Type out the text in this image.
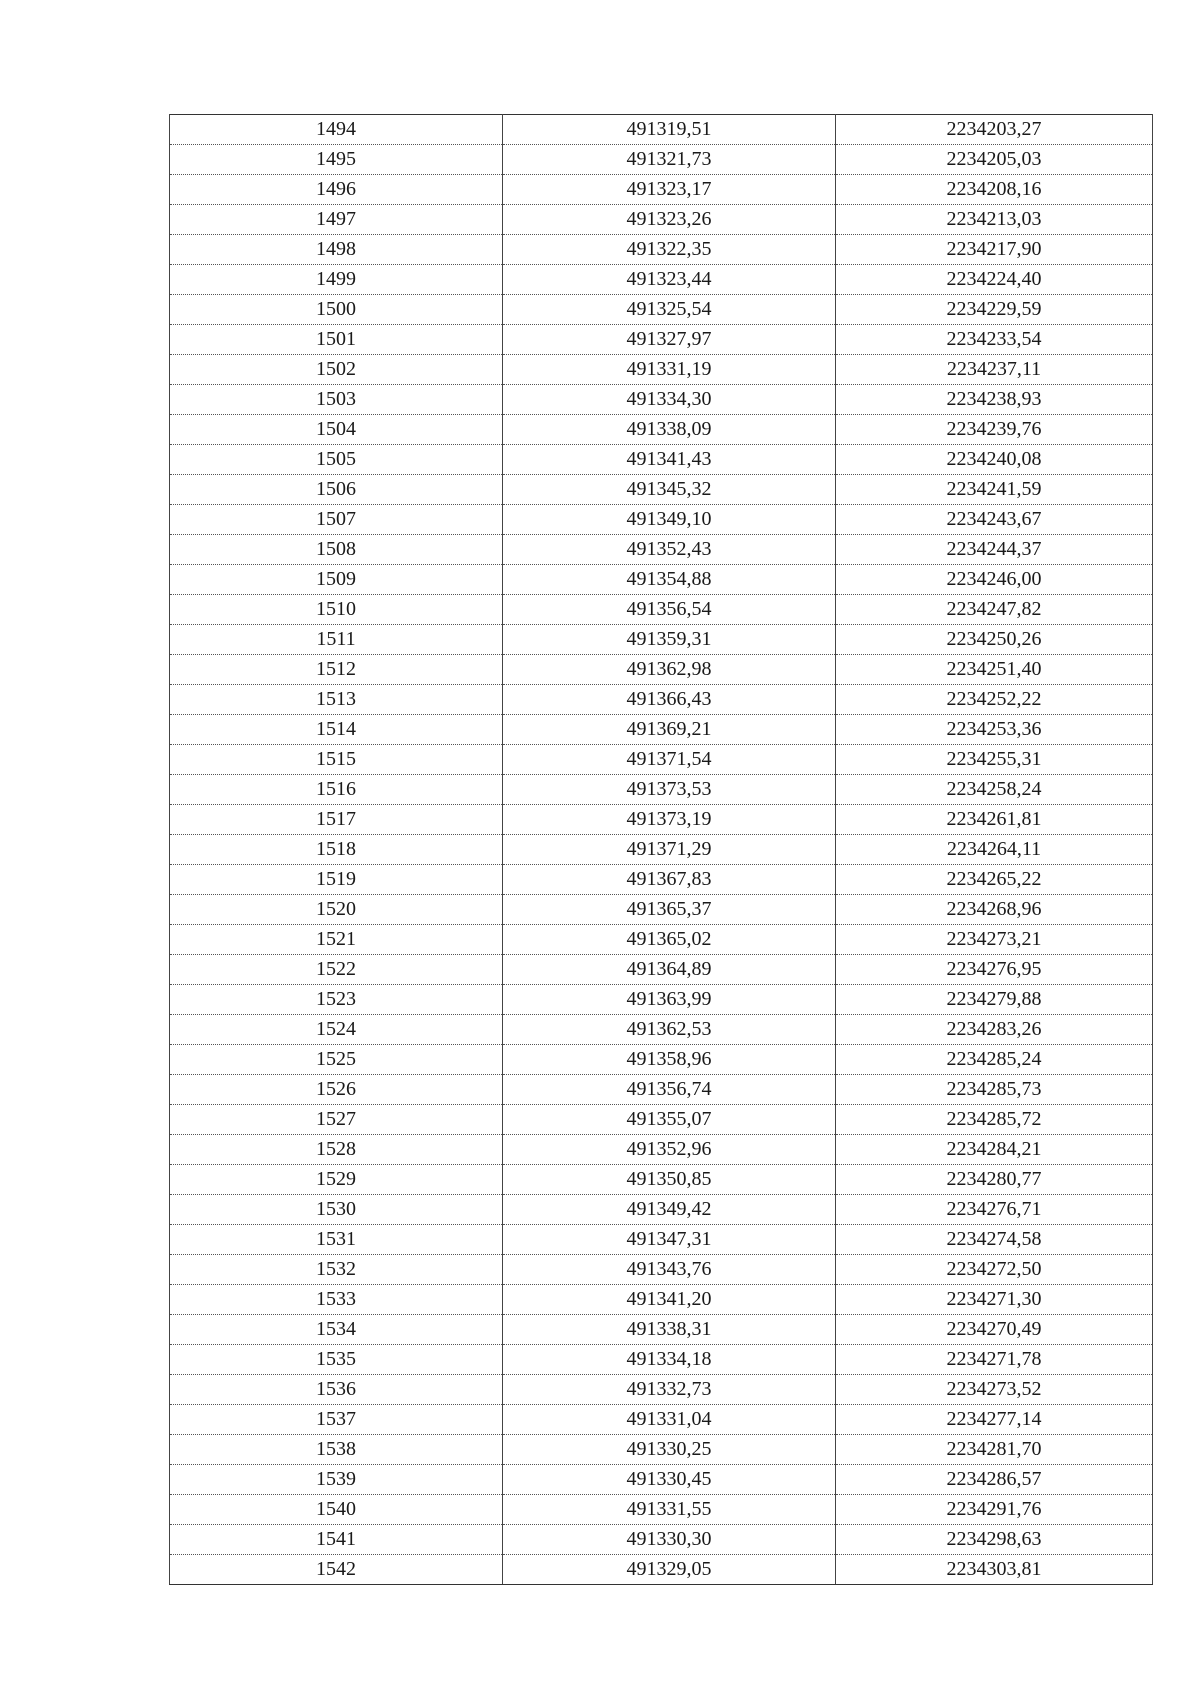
1494	491319,51	2234203,27
1495	491321,73	2234205,03
1496	491323,17	2234208,16
1497	491323,26	2234213,03
1498	491322,35	2234217,90
1499	491323,44	2234224,40
1500	491325,54	2234229,59
1501	491327,97	2234233,54
1502	491331,19	2234237,11
1503	491334,30	2234238,93
1504	491338,09	2234239,76
1505	491341,43	2234240,08
1506	491345,32	2234241,59
1507	491349,10	2234243,67
1508	491352,43	2234244,37
1509	491354,88	2234246,00
1510	491356,54	2234247,82
1511	491359,31	2234250,26
1512	491362,98	2234251,40
1513	491366,43	2234252,22
1514	491369,21	2234253,36
1515	491371,54	2234255,31
1516	491373,53	2234258,24
1517	491373,19	2234261,81
1518	491371,29	2234264,11
1519	491367,83	2234265,22
1520	491365,37	2234268,96
1521	491365,02	2234273,21
1522	491364,89	2234276,95
1523	491363,99	2234279,88
1524	491362,53	2234283,26
1525	491358,96	2234285,24
1526	491356,74	2234285,73
1527	491355,07	2234285,72
1528	491352,96	2234284,21
1529	491350,85	2234280,77
1530	491349,42	2234276,71
1531	491347,31	2234274,58
1532	491343,76	2234272,50
1533	491341,20	2234271,30
1534	491338,31	2234270,49
1535	491334,18	2234271,78
1536	491332,73	2234273,52
1537	491331,04	2234277,14
1538	491330,25	2234281,70
1539	491330,45	2234286,57
1540	491331,55	2234291,76
1541	491330,30	2234298,63
1542	491329,05	2234303,81
